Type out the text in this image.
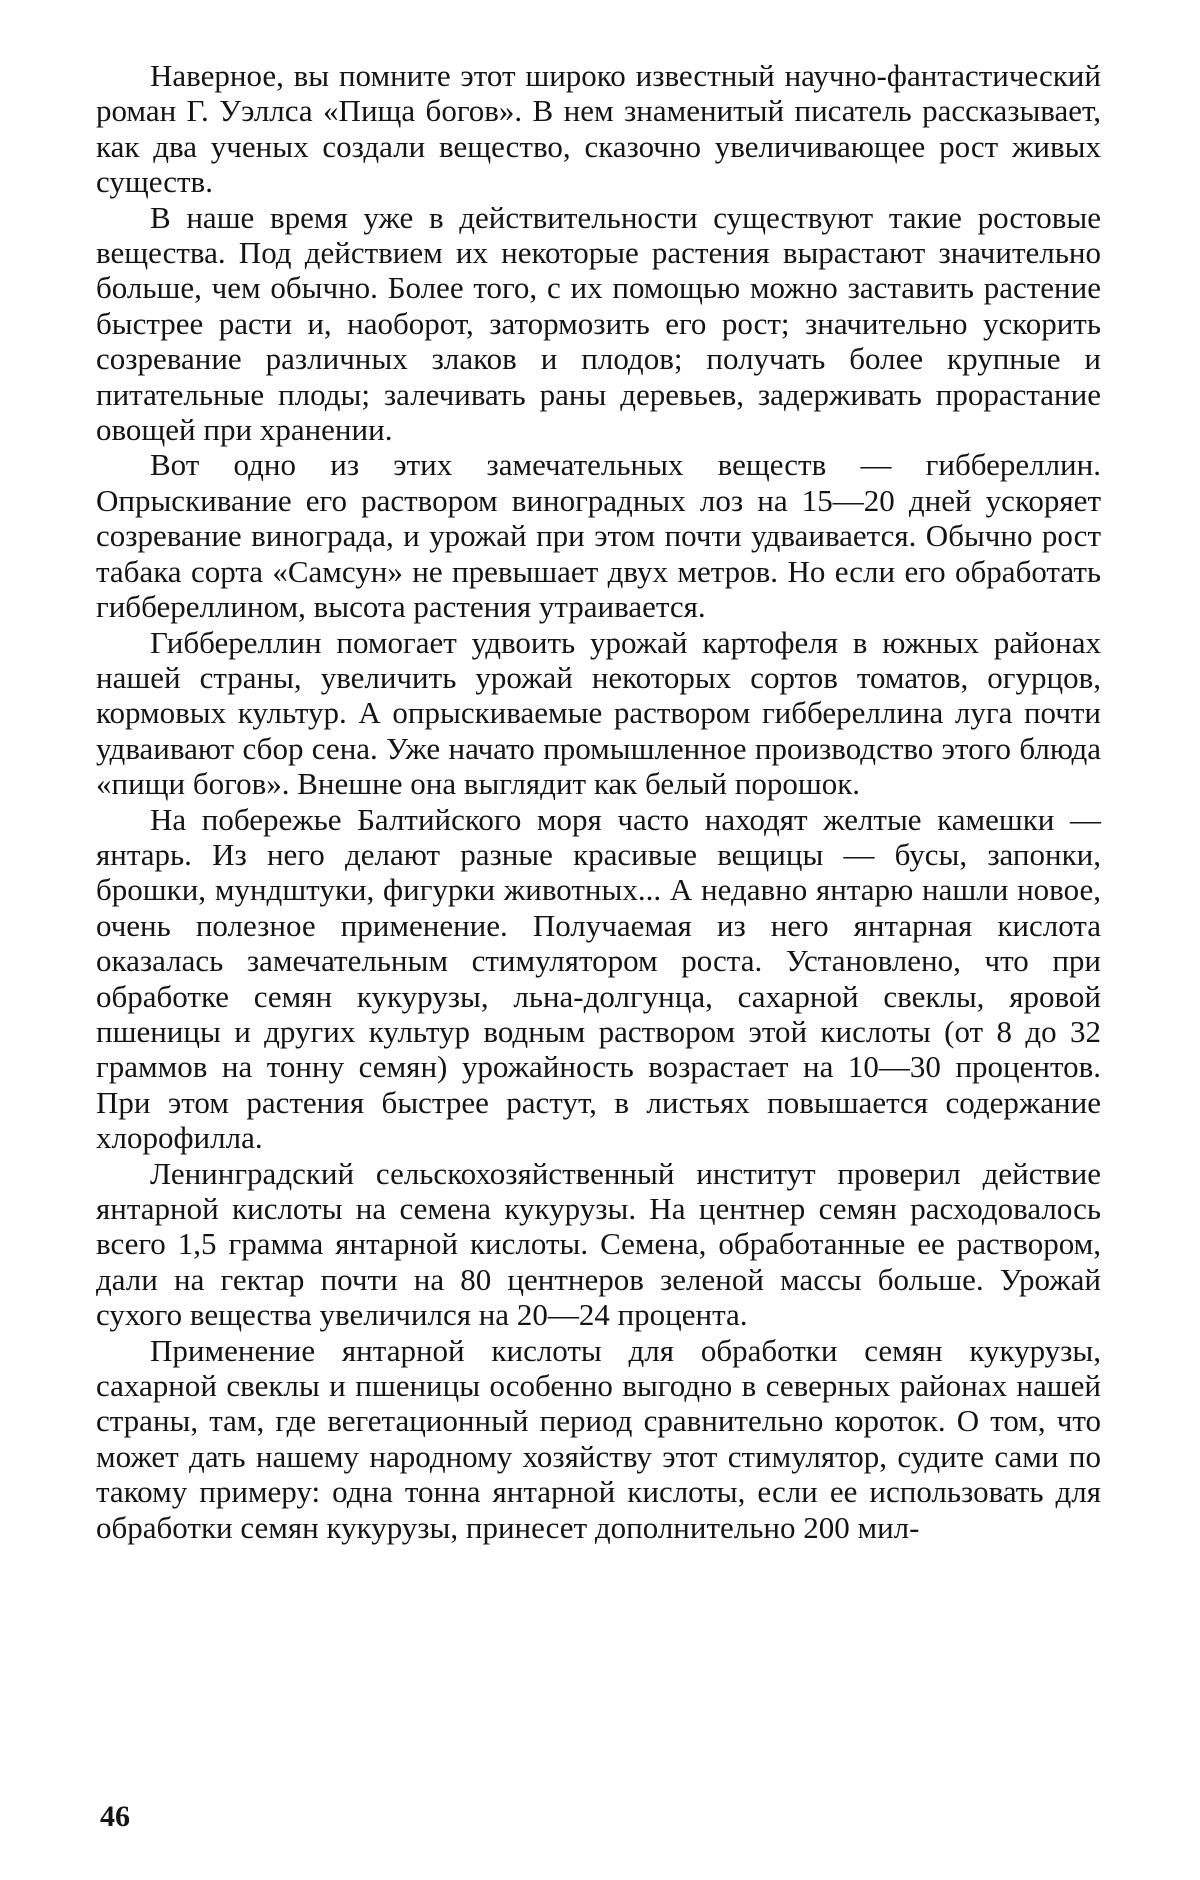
Наверное, вы помните этот широко известный научно-фантастический роман Г. Уэллса «Пища богов». В нем знаменитый писатель рассказывает, как два ученых создали вещество, сказочно увеличивающее рост живых существ.

В наше время уже в действительности существуют такие ростовые вещества. Под действием их некоторые растения вырастают значительно больше, чем обычно. Более того, с их помощью можно заставить растение быстрее расти и, наоборот, затормозить его рост; значительно ускорить созревание различных злаков и плодов; получать более крупные и питательные плоды; залечивать раны деревьев, задерживать прорастание овощей при хранении.

Вот одно из этих замечательных веществ — гиббереллин. Опрыскивание его раствором виноградных лоз на 15—20 дней ускоряет созревание винограда, и урожай при этом почти удваивается. Обычно рост табака сорта «Самсун» не превышает двух метров. Но если его обработать гиббереллином, высота растения утраивается.

Гиббереллин помогает удвоить урожай картофеля в южных районах нашей страны, увеличить урожай некоторых сортов томатов, огурцов, кормовых культур. А опрыскиваемые раствором гиббереллина луга почти удваивают сбор сена. Уже начато промышленное производство этого блюда «пищи богов». Внешне она выглядит как белый порошок.

На побережье Балтийского моря часто находят желтые камешки — янтарь. Из него делают разные красивые вещицы — бусы, запонки, брошки, мундштуки, фигурки животных... А недавно янтарю нашли новое, очень полезное применение. Получаемая из него янтарная кислота оказалась замечательным стимулятором роста. Установлено, что при обработке семян кукурузы, льна-долгунца, сахарной свеклы, яровой пшеницы и других культур водным раствором этой кислоты (от 8 до 32 граммов на тонну семян) урожайность возрастает на 10—30 процентов. При этом растения быстрее растут, в листьях повышается содержание хлорофилла.

Ленинградский сельскохозяйственный институт проверил действие янтарной кислоты на семена кукурузы. На центнер семян расходовалось всего 1,5 грамма янтарной кислоты. Семена, обработанные ее раствором, дали на гектар почти на 80 центнеров зеленой массы больше. Урожай сухого вещества увеличился на 20—24 процента.

Применение янтарной кислоты для обработки семян кукурузы, сахарной свеклы и пшеницы особенно выгодно в северных районах нашей страны, там, где вегетационный период сравнительно короток. О том, что может дать нашему народному хозяйству этот стимулятор, судите сами по такому примеру: одна тонна янтарной кислоты, если ее использовать для обработки семян кукурузы, принесет дополнительно 200 мил-

46
